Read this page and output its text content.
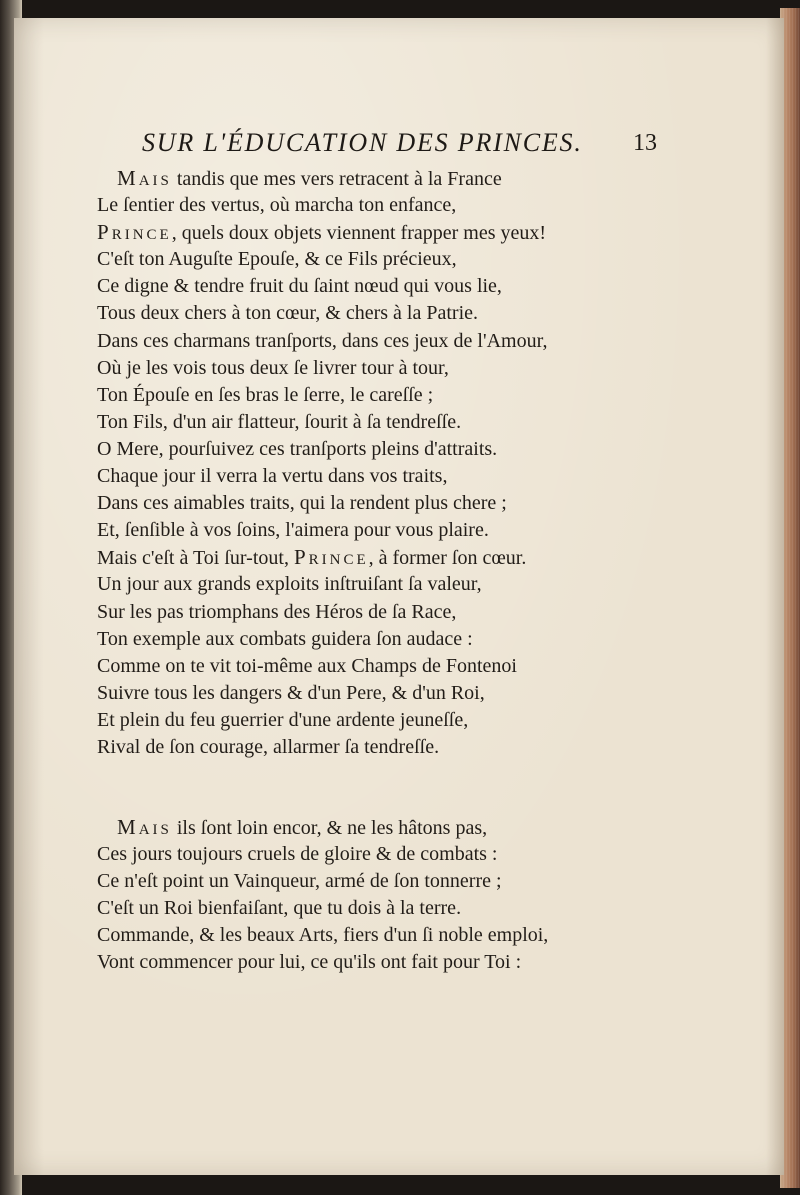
SUR L'ÉDUCATION DES PRINCES. 13
MAIS tandis que mes vers retracent à la France
Le ſentier des vertus, où marcha ton enfance,
PRINCE, quels doux objets viennent frapper mes yeux!
C'eſt ton Auguſte Epouſe, & ce Fils précieux,
Ce digne & tendre fruit du ſaint nœud qui vous lie,
Tous deux chers à ton cœur, & chers à la Patrie.
Dans ces charmans tranſports, dans ces jeux de l'Amour,
Où je les vois tous deux ſe livrer tour à tour,
Ton Épouſe en ſes bras le ſerre, le careſſe ;
Ton Fils, d'un air flatteur, ſourit à ſa tendreſſe.
O Mere, pourſuivez ces tranſports pleins d'attraits.
Chaque jour il verra la vertu dans vos traits,
Dans ces aimables traits, qui la rendent plus chere ;
Et, ſenſible à vos ſoins, l'aimera pour vous plaire.
Mais c'eſt à Toi ſur-tout, PRINCE, à former ſon cœur.
Un jour aux grands exploits inſtruiſant ſa valeur,
Sur les pas triomphans des Héros de ſa Race,
Ton exemple aux combats guidera ſon audace :
Comme on te vit toi-même aux Champs de Fontenoi
Suivre tous les dangers & d'un Pere, & d'un Roi,
Et plein du feu guerrier d'une ardente jeuneſſe,
Rival de ſon courage, allarmer ſa tendreſſe.
MAIS ils ſont loin encor, & ne les hâtons pas,
Ces jours toujours cruels de gloire & de combats :
Ce n'eſt point un Vainqueur, armé de ſon tonnerre ;
C'eſt un Roi bienfaiſant, que tu dois à la terre.
Commande, & les beaux Arts, fiers d'un ſi noble emploi,
Vont commencer pour lui, ce qu'ils ont fait pour Toi :
